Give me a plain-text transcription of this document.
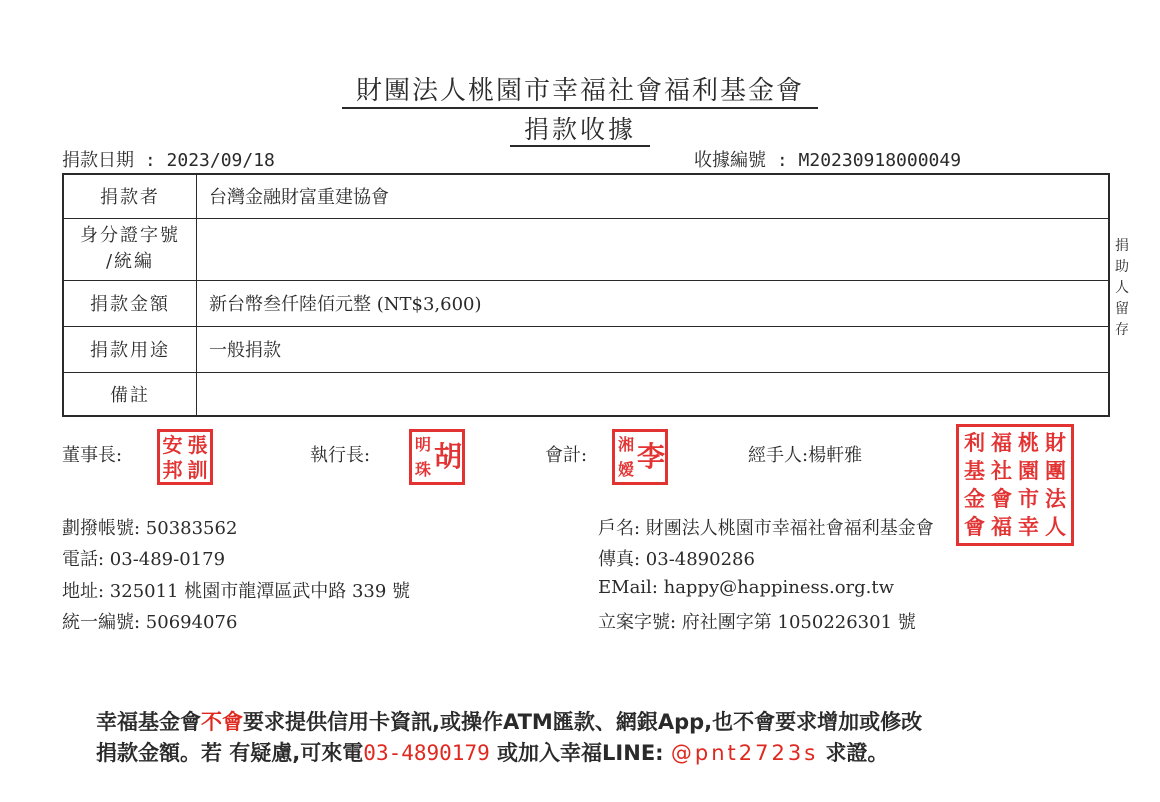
財團法人桃園市幸福社會福利基金會
捐款收據
捐款日期 : 2023/09/18	收據編號 : M20230918000049
捐款者	台灣金融財富重建協會

身分證字號
/統編	

捐款金額	新台幣叁仟陸佰元整 (NT$3,600)
捐款用途	一般捐款
備註	
捐助人留存
董事長: 安 張
邦 訓
執行長:
明 胡
珠
會計:
湘 李
嫒
經手人:楊軒雅
利 福 桃 財
基 社 園 團
金 會 市 法
會 福 幸 人
劃撥帳號: 50383562
電話: 03-489-0179
地址: 325011 桃園市龍潭區武中路 339 號
統一編號: 50694076
戶名: 財團法人桃園市幸福社會福利基金會
傳真: 03-4890286
EMail: happy@happiness.org.tw
立案字號: 府社團字第 1050226301 號
幸福基金會不會要求提供信用卡資訊,或操作ATM匯款、網銀App,也不會要求增加或修改
捐款金額。若 有疑慮,可來電03-4890179 或加入幸福LINE: @pnt2723s 求證。
